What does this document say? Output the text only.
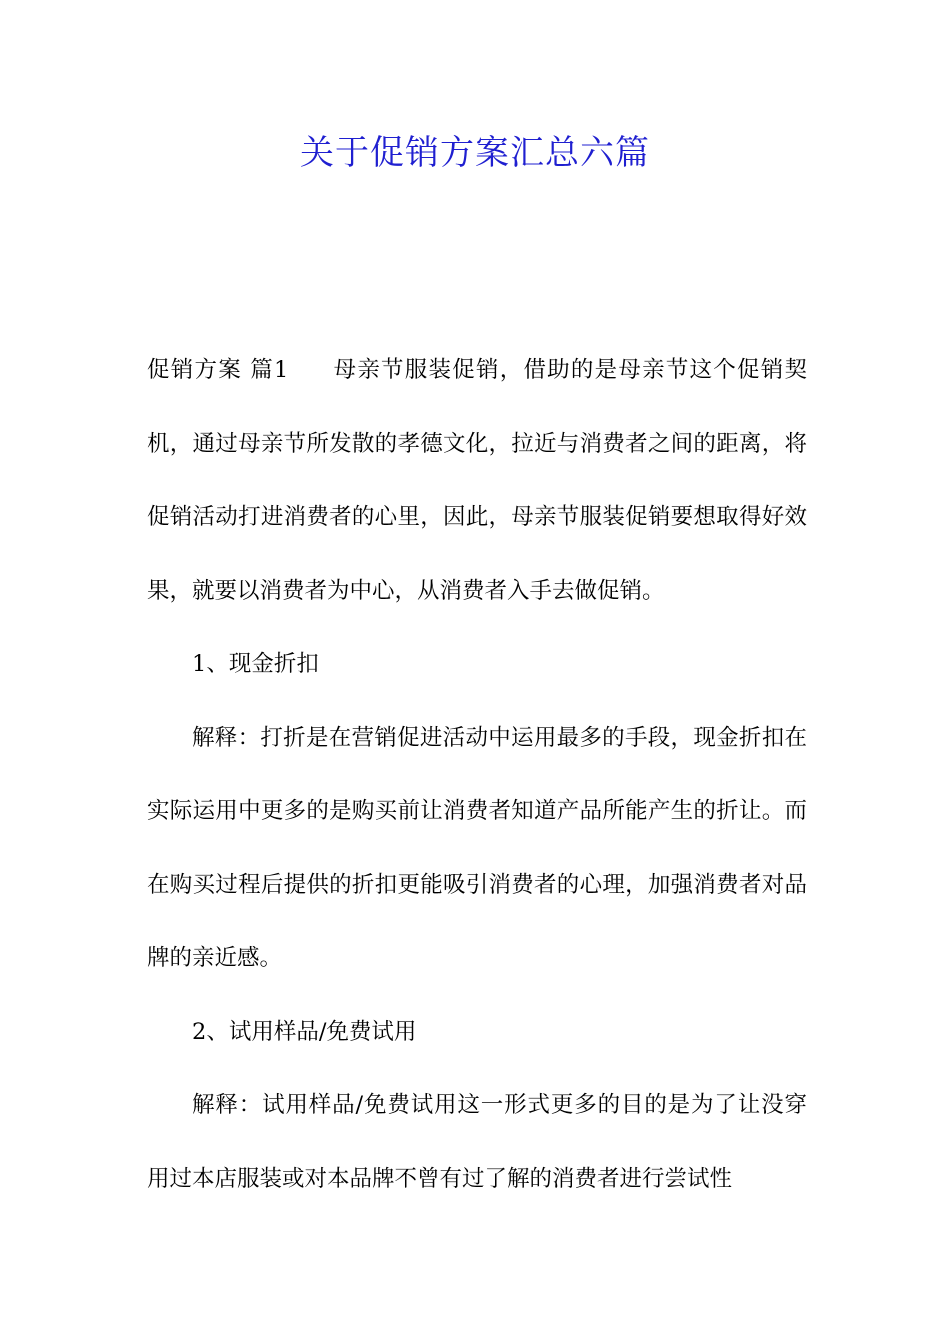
关于促销方案汇总六篇

促销方案 篇1 母亲节服装促销，借助的是母亲节这个促销契机，通过母亲节所发散的孝德文化，拉近与消费者之间的距离，将促销活动打进消费者的心里，因此，母亲节服装促销要想取得好效果，就要以消费者为中心，从消费者入手去做促销。

1、现金折扣

解释：打折是在营销促进活动中运用最多的手段，现金折扣在实际运用中更多的是购买前让消费者知道产品所能产生的折让。而在购买过程后提供的折扣更能吸引消费者的心理，加强消费者对品牌的亲近感。

2、试用样品/免费试用

解释：试用样品/免费试用这一形式更多的目的是为了让没穿用过本店服装或对本品牌不曾有过了解的消费者进行尝试性
